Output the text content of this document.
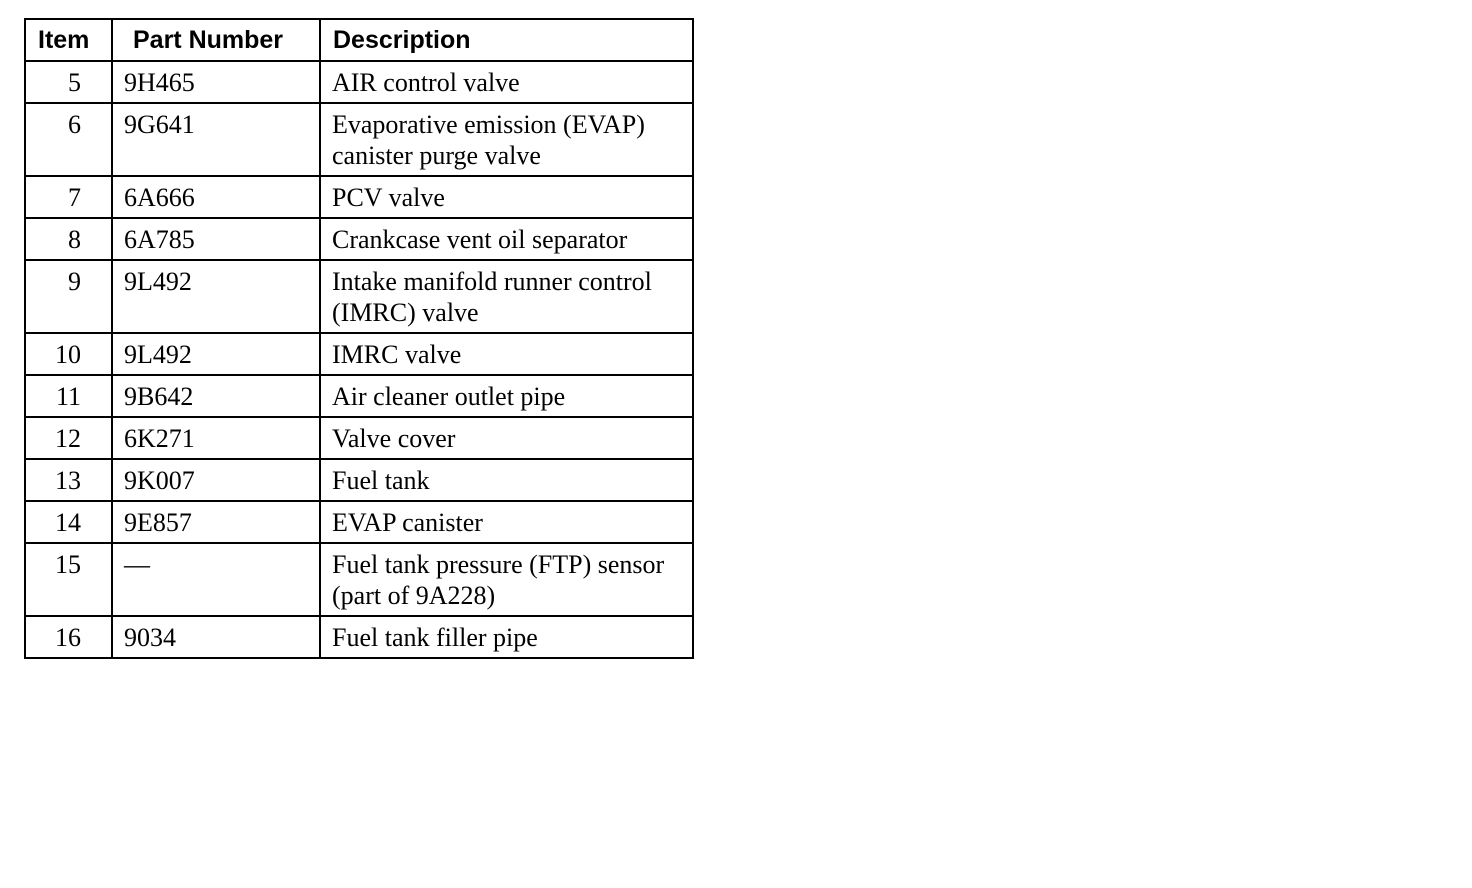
Item	Part Number	Description
5	9H465	AIR control valve
6	9G641	Evaporative emission (EVAP) canister purge valve
7	6A666	PCV valve
8	6A785	Crankcase vent oil separator
9	9L492	Intake manifold runner control (IMRC) valve
10	9L492	IMRC valve
11	9B642	Air cleaner outlet pipe
12	6K271	Valve cover
13	9K007	Fuel tank
14	9E857	EVAP canister
15	—	Fuel tank pressure (FTP) sensor (part of 9A228)
16	9034	Fuel tank filler pipe
